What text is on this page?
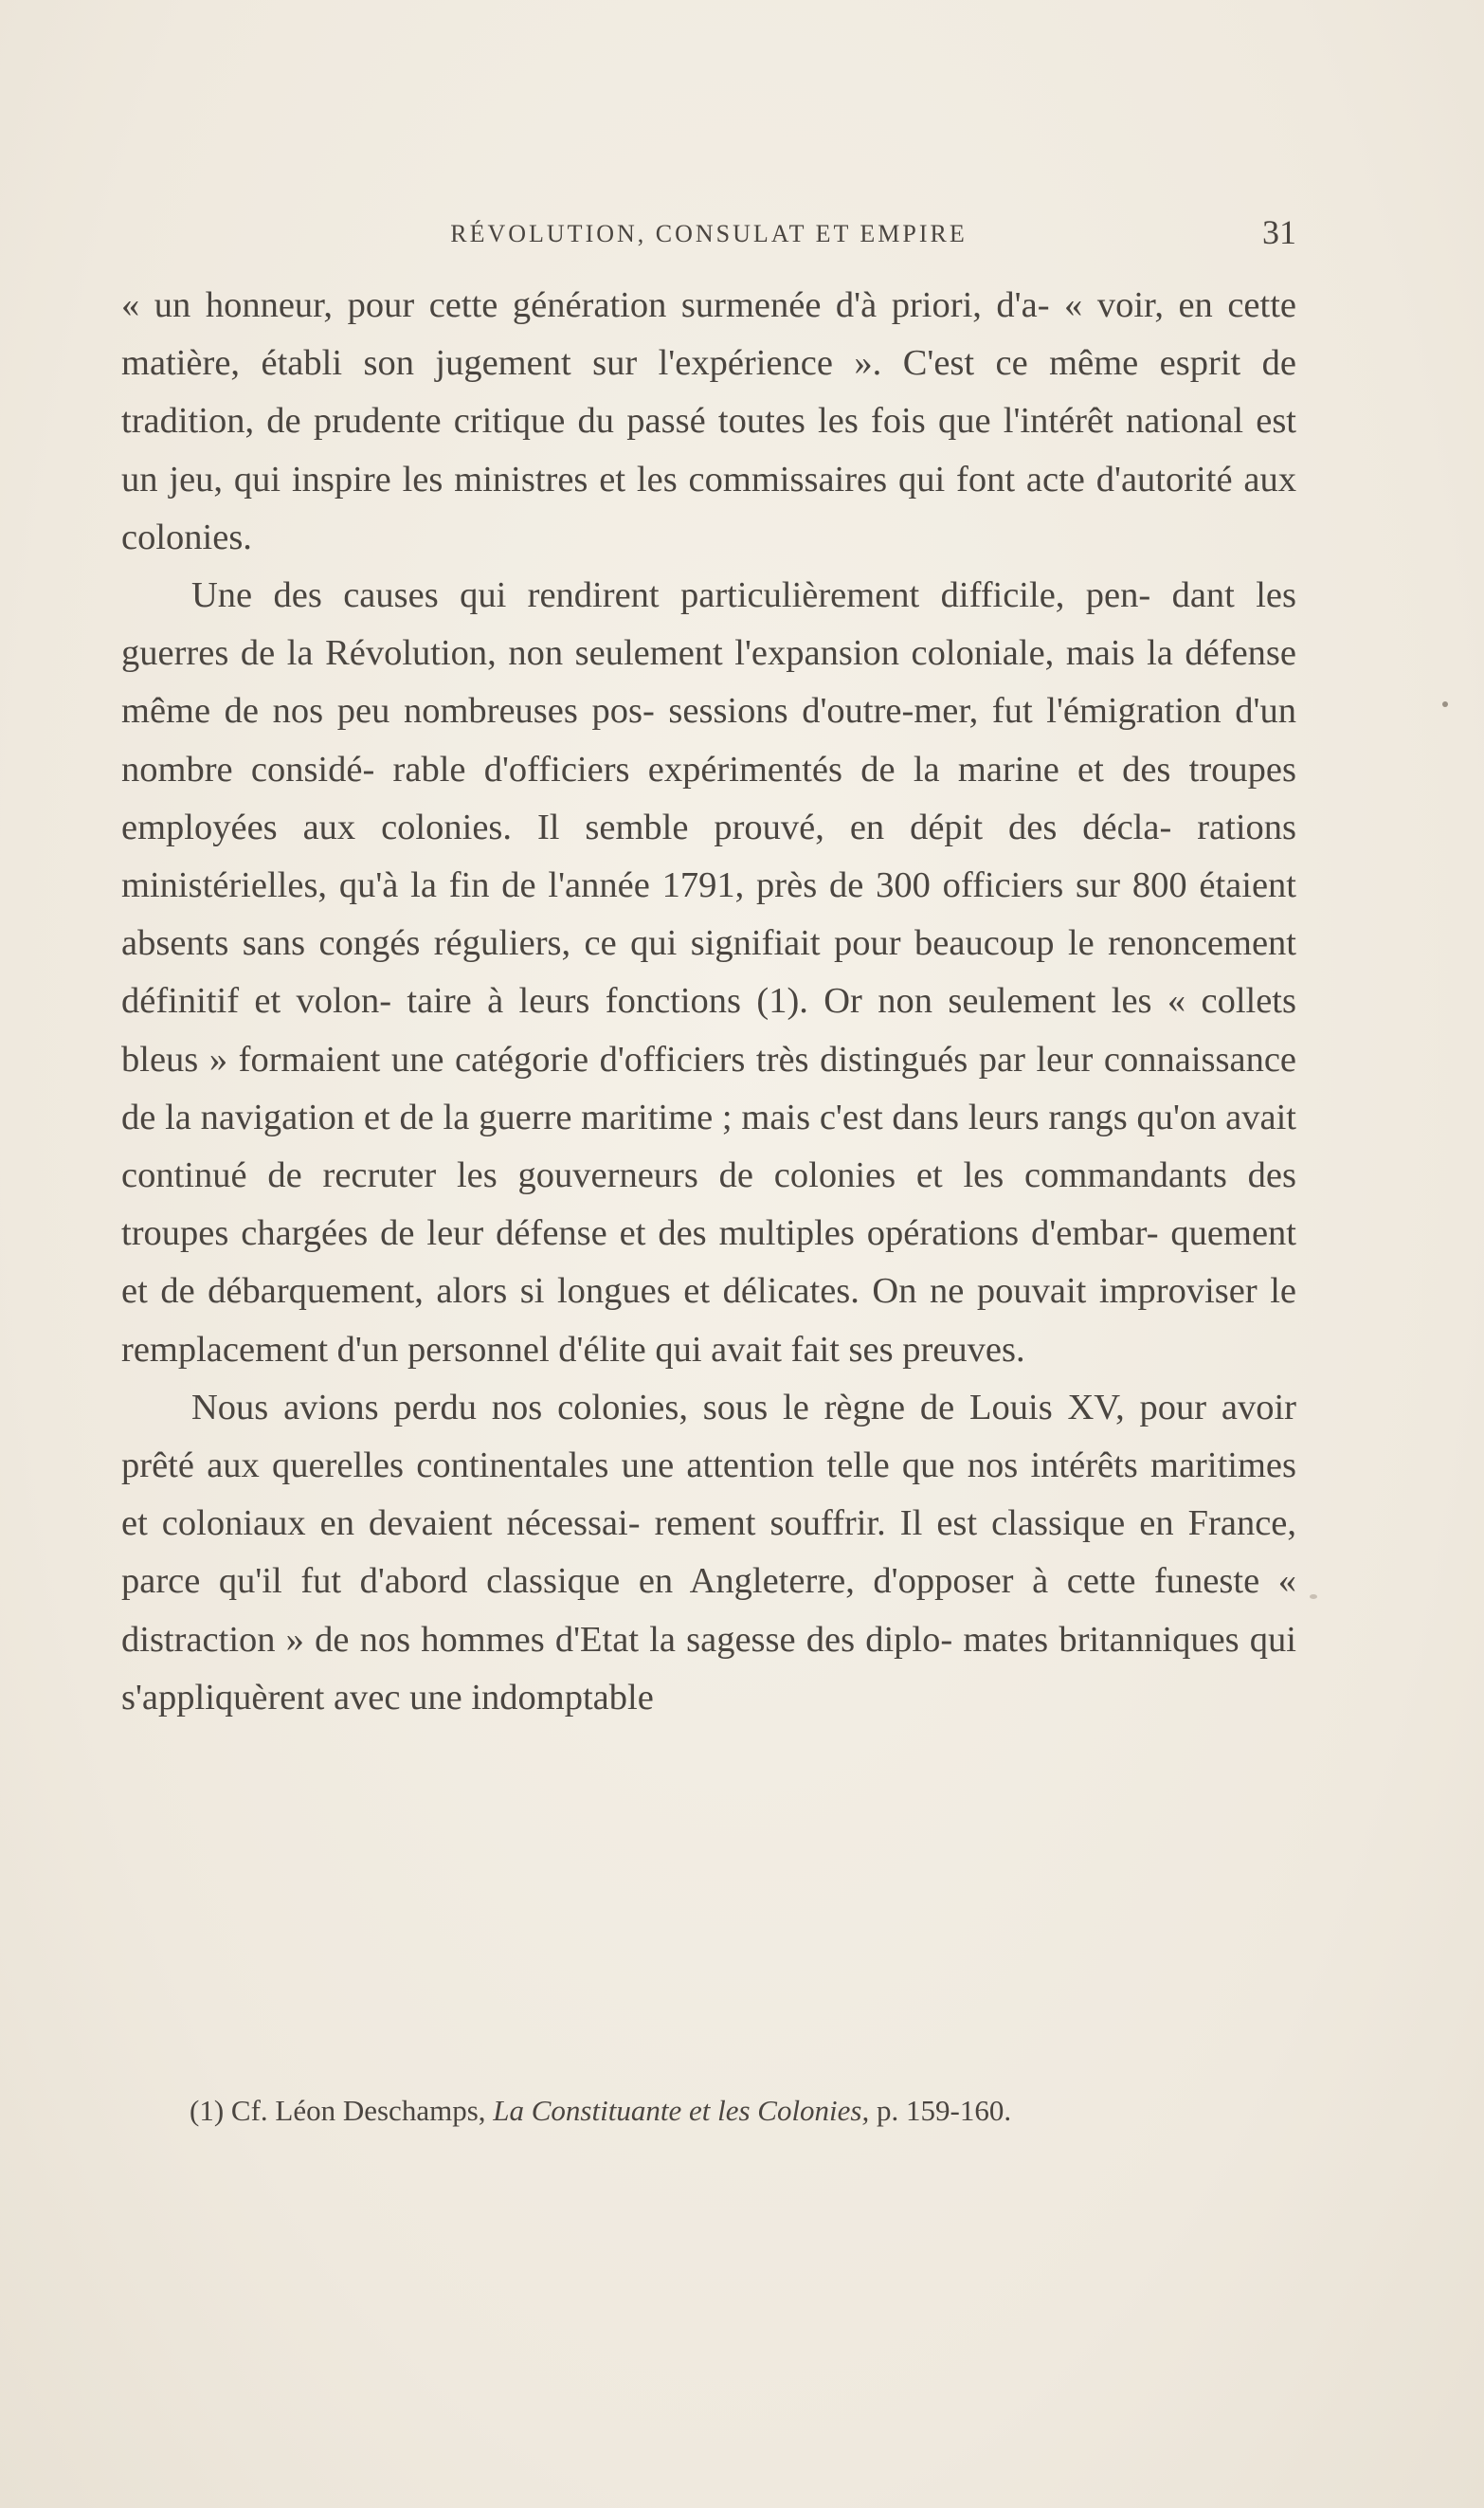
RÉVOLUTION, CONSULAT ET EMPIRE	31

« un honneur, pour cette génération surmenée d'à priori, d'a- « voir, en cette matière, établi son jugement sur l'expérience ». C'est ce même esprit de tradition, de prudente critique du passé toutes les fois que l'intérêt national est un jeu, qui inspire les ministres et les commissaires qui font acte d'autorité aux colonies.

Une des causes qui rendirent particulièrement difficile, pen- dant les guerres de la Révolution, non seulement l'expansion coloniale, mais la défense même de nos peu nombreuses pos- sessions d'outre-mer, fut l'émigration d'un nombre considé- rable d'officiers expérimentés de la marine et des troupes employées aux colonies. Il semble prouvé, en dépit des décla- rations ministérielles, qu'à la fin de l'année 1791, près de 300 officiers sur 800 étaient absents sans congés réguliers, ce qui signifiait pour beaucoup le renoncement définitif et volon- taire à leurs fonctions (1). Or non seulement les « collets bleus » formaient une catégorie d'officiers très distingués par leur connaissance de la navigation et de la guerre maritime ; mais c'est dans leurs rangs qu'on avait continué de recruter les gouverneurs de colonies et les commandants des troupes chargées de leur défense et des multiples opérations d'embar- quement et de débarquement, alors si longues et délicates. On ne pouvait improviser le remplacement d'un personnel d'élite qui avait fait ses preuves.

Nous avions perdu nos colonies, sous le règne de Louis XV, pour avoir prêté aux querelles continentales une attention telle que nos intérêts maritimes et coloniaux en devaient nécessai- rement souffrir. Il est classique en France, parce qu'il fut d'abord classique en Angleterre, d'opposer à cette funeste « distraction » de nos hommes d'Etat la sagesse des diplo- mates britanniques qui s'appliquèrent avec une indomptable

(1) Cf. Léon Deschamps, La Constituante et les Colonies, p. 159-160.
